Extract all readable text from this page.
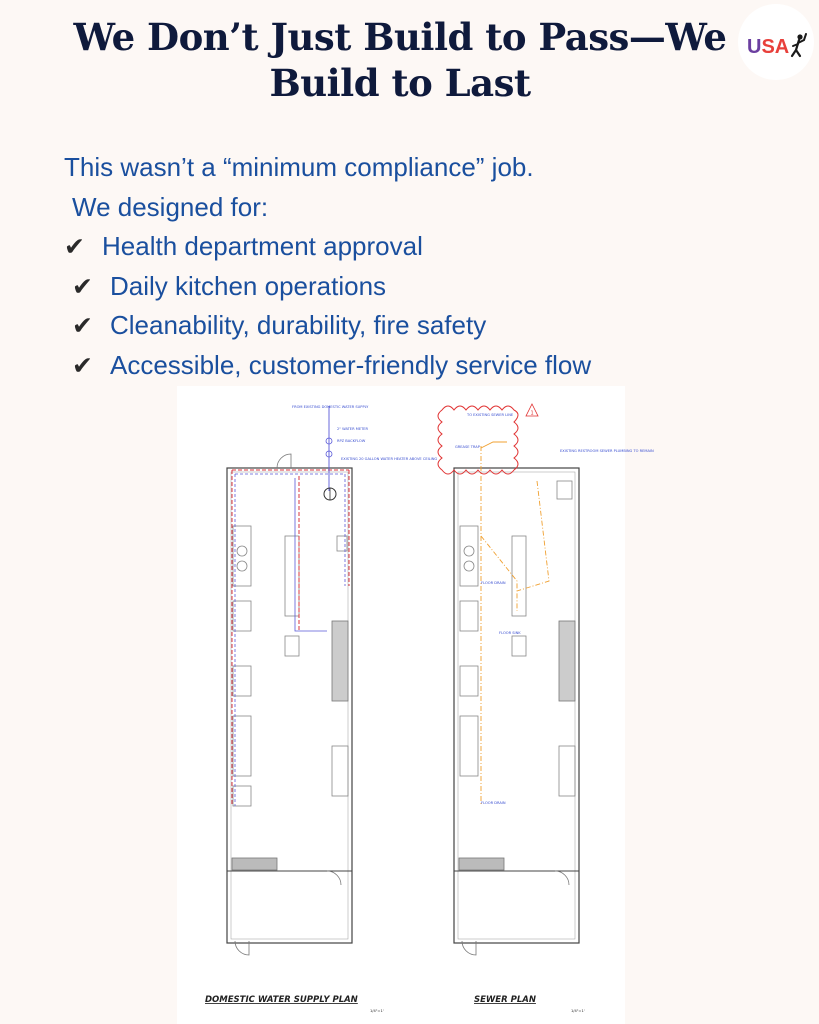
We Don’t Just Build to Pass—We
Build to Last
USA
This wasn’t a “minimum compliance” job.
We designed for:
✔ Health department approval
✔ Daily kitchen operations
✔ Cleanability, durability, fire safety
✔ Accessible, customer-friendly service flow
FROM EXISTING DOMESTIC WATER SUPPLY
2" WATER METER
RPZ BACKFLOW
EXISTING 20 GALLON WATER HEATER ABOVE CEILING
1
TO EXISTING SEWER LINE
GREASE TRAP
EXISTING RESTROOM SEWER PLUMBING TO REMAIN
FLOOR DRAIN
FLOOR SINK
FLOOR DRAIN
DOMESTIC WATER SUPPLY PLAN
1/4"=1'
SEWER PLAN
1/4"=1'
